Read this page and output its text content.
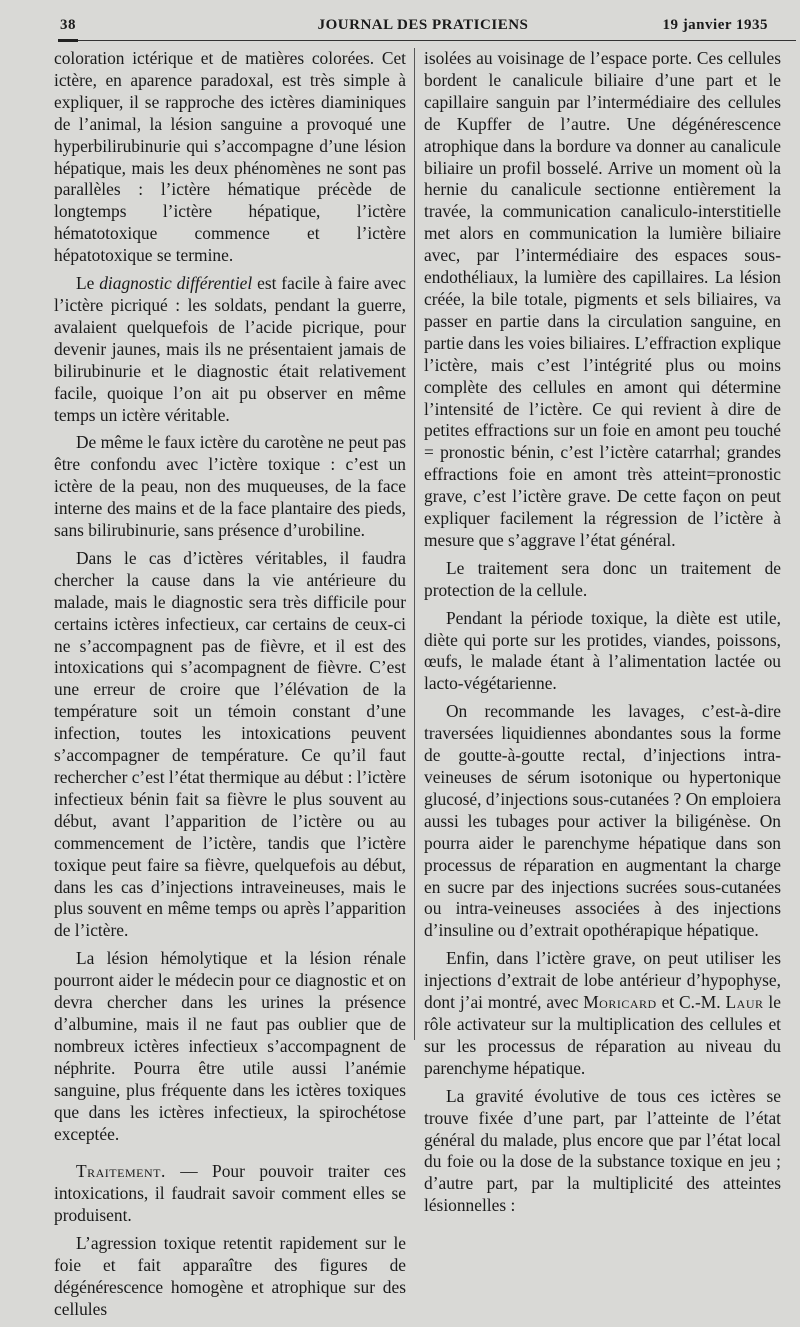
38	JOURNAL DES PRATICIENS	19 janvier 1935

coloration ictérique et de matières colorées. Cet ictère, en aparence paradoxal, est très simple à expliquer, il se rapproche des ictères diaminiques de l’animal, la lésion sanguine a provoqué une hyperbilirubinurie qui s’accompagne d’une lésion hépatique, mais les deux phénomènes ne sont pas parallèles : l’ictère hématique précède de longtemps l’ictère hépatique, l’ictère hématotoxique commence et l’ictère hépatotoxique se termine.

Le diagnostic différentiel est facile à faire avec l’ictère picriqué : les soldats, pendant la guerre, avalaient quelquefois de l’acide picrique, pour devenir jaunes, mais ils ne présentaient jamais de bilirubinurie et le diagnostic était relativement facile, quoique l’on ait pu observer en même temps un ictère véritable.

De même le faux ictère du carotène ne peut pas être confondu avec l’ictère toxique : c’est un ictère de la peau, non des muqueuses, de la face interne des mains et de la face plantaire des pieds, sans bilirubinurie, sans présence d’urobiline.

Dans le cas d’ictères véritables, il faudra chercher la cause dans la vie antérieure du malade, mais le diagnostic sera très difficile pour certains ictères infectieux, car certains de ceux-ci ne s’accompagnent pas de fièvre, et il est des intoxications qui s’acompagnent de fièvre. C’est une erreur de croire que l’élévation de la température soit un témoin constant d’une infection, toutes les intoxications peuvent s’accompagner de température. Ce qu’il faut rechercher c’est l’état thermique au début : l’ictère infectieux bénin fait sa fièvre le plus souvent au début, avant l’apparition de l’ictère ou au commencement de l’ictère, tandis que l’ictère toxique peut faire sa fièvre, quelquefois au début, dans les cas d’injections intraveineuses, mais le plus souvent en même temps ou après l’apparition de l’ictère.

La lésion hémolytique et la lésion rénale pourront aider le médecin pour ce diagnostic et on devra chercher dans les urines la présence d’albumine, mais il ne faut pas oublier que de nombreux ictères infectieux s’accompagnent de néphrite. Pourra être utile aussi l’anémie sanguine, plus fréquente dans les ictères toxiques que dans les ictères infectieux, la spirochétose exceptée.

Traitement. — Pour pouvoir traiter ces intoxications, il faudrait savoir comment elles se produisent.

L’agression toxique retentit rapidement sur le foie et fait apparaître des figures de dégénérescence homogène et atrophique sur des cellules

isolées au voisinage de l’espace porte. Ces cellules bordent le canalicule biliaire d’une part et le capillaire sanguin par l’intermédiaire des cellules de Kupffer de l’autre. Une dégénérescence atrophique dans la bordure va donner au canalicule biliaire un profil bosselé. Arrive un moment où la hernie du canalicule sectionne entièrement la travée, la communication canaliculo-interstitielle met alors en communication la lumière biliaire avec, par l’intermédiaire des espaces sous-endothéliaux, la lumière des capillaires. La lésion créée, la bile totale, pigments et sels biliaires, va passer en partie dans la circulation sanguine, en partie dans les voies biliaires. L’effraction explique l’ictère, mais c’est l’intégrité plus ou moins complète des cellules en amont qui détermine l’intensité de l’ictère. Ce qui revient à dire de petites effractions sur un foie en amont peu touché = pronostic bénin, c’est l’ictère catarrhal; grandes effractions foie en amont très atteint=pronostic grave, c’est l’ictère grave. De cette façon on peut expliquer facilement la régression de l’ictère à mesure que s’aggrave l’état général.

Le traitement sera donc un traitement de protection de la cellule.

Pendant la période toxique, la diète est utile, diète qui porte sur les protides, viandes, poissons, œufs, le malade étant à l’alimentation lactée ou lacto-végétarienne.

On recommande les lavages, c’est-à-dire traversées liquidiennes abondantes sous la forme de goutte-à-goutte rectal, d’injections intra-veineuses de sérum isotonique ou hypertonique glucosé, d’injections sous-cutanées ? On emploiera aussi les tubages pour activer la biligénèse. On pourra aider le parenchyme hépatique dans son processus de réparation en augmentant la charge en sucre par des injections sucrées sous-cutanées ou intra-veineuses associées à des injections d’insuline ou d’extrait opothérapique hépatique.

Enfin, dans l’ictère grave, on peut utiliser les injections d’extrait de lobe antérieur d’hypophyse, dont j’ai montré, avec Moricard et C.-M. Laur le rôle activateur sur la multiplication des cellules et sur les processus de réparation au niveau du parenchyme hépatique.

La gravité évolutive de tous ces ictères se trouve fixée d’une part, par l’atteinte de l’état général du malade, plus encore que par l’état local du foie ou la dose de la substance toxique en jeu ; d’autre part, par la multiplicité des atteintes lésionnelles :
